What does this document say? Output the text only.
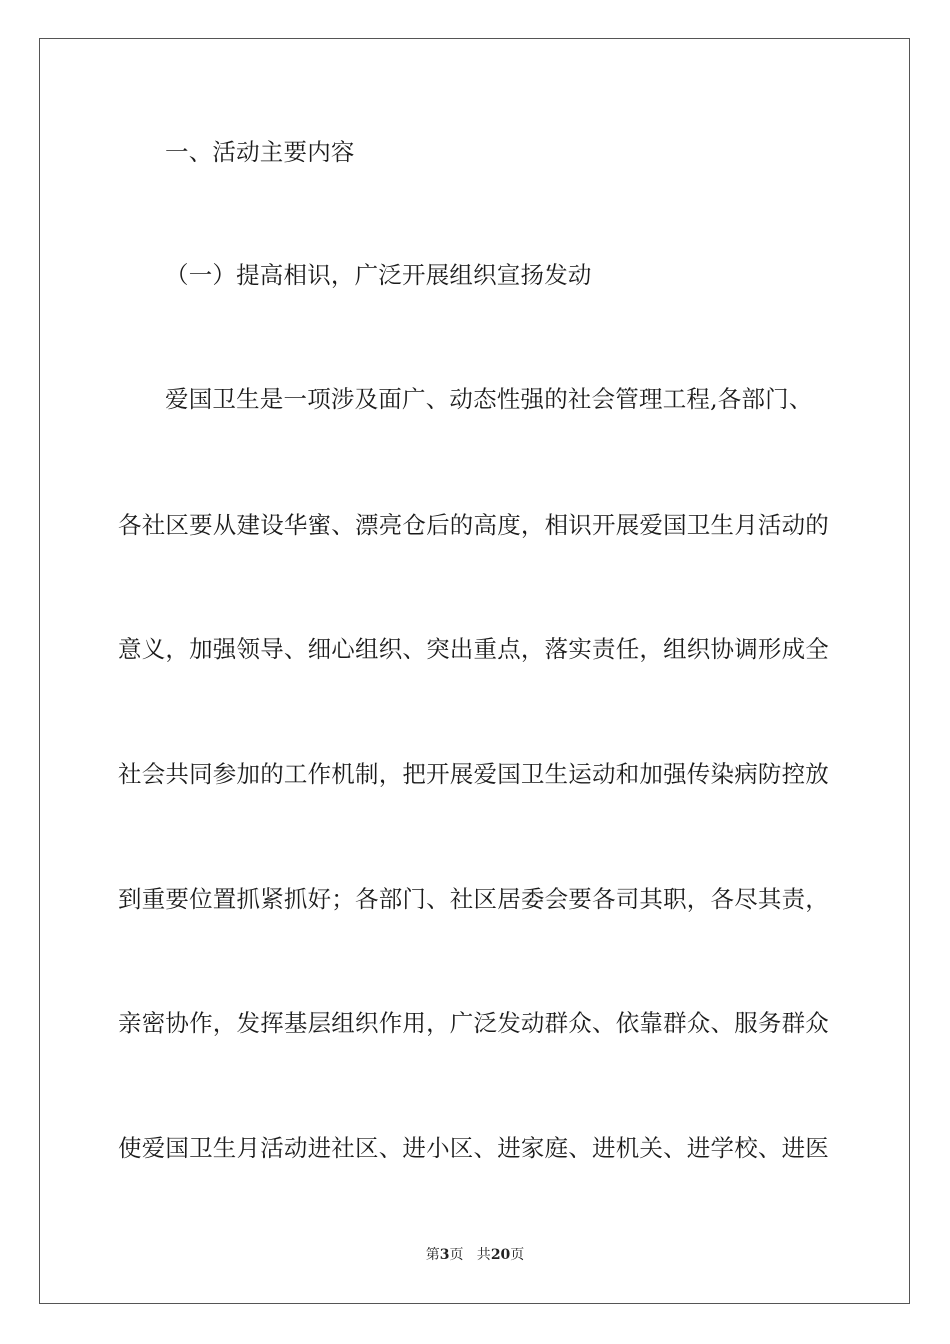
一、活动主要内容
（一）提高相识，广泛开展组织宣扬发动
爱国卫生是一项涉及面广、动态性强的社会管理工程,各部门、
各社区要从建设华蜜、漂亮仓后的高度，相识开展爱国卫生月活动的
意义，加强领导、细心组织、突出重点，落实责任，组织协调形成全
社会共同参加的工作机制，把开展爱国卫生运动和加强传染病防控放
到重要位置抓紧抓好；各部门、社区居委会要各司其职，各尽其责，
亲密协作，发挥基层组织作用，广泛发动群众、依靠群众、服务群众
使爱国卫生月活动进社区、进小区、进家庭、进机关、进学校、进医
第3页   共20页
